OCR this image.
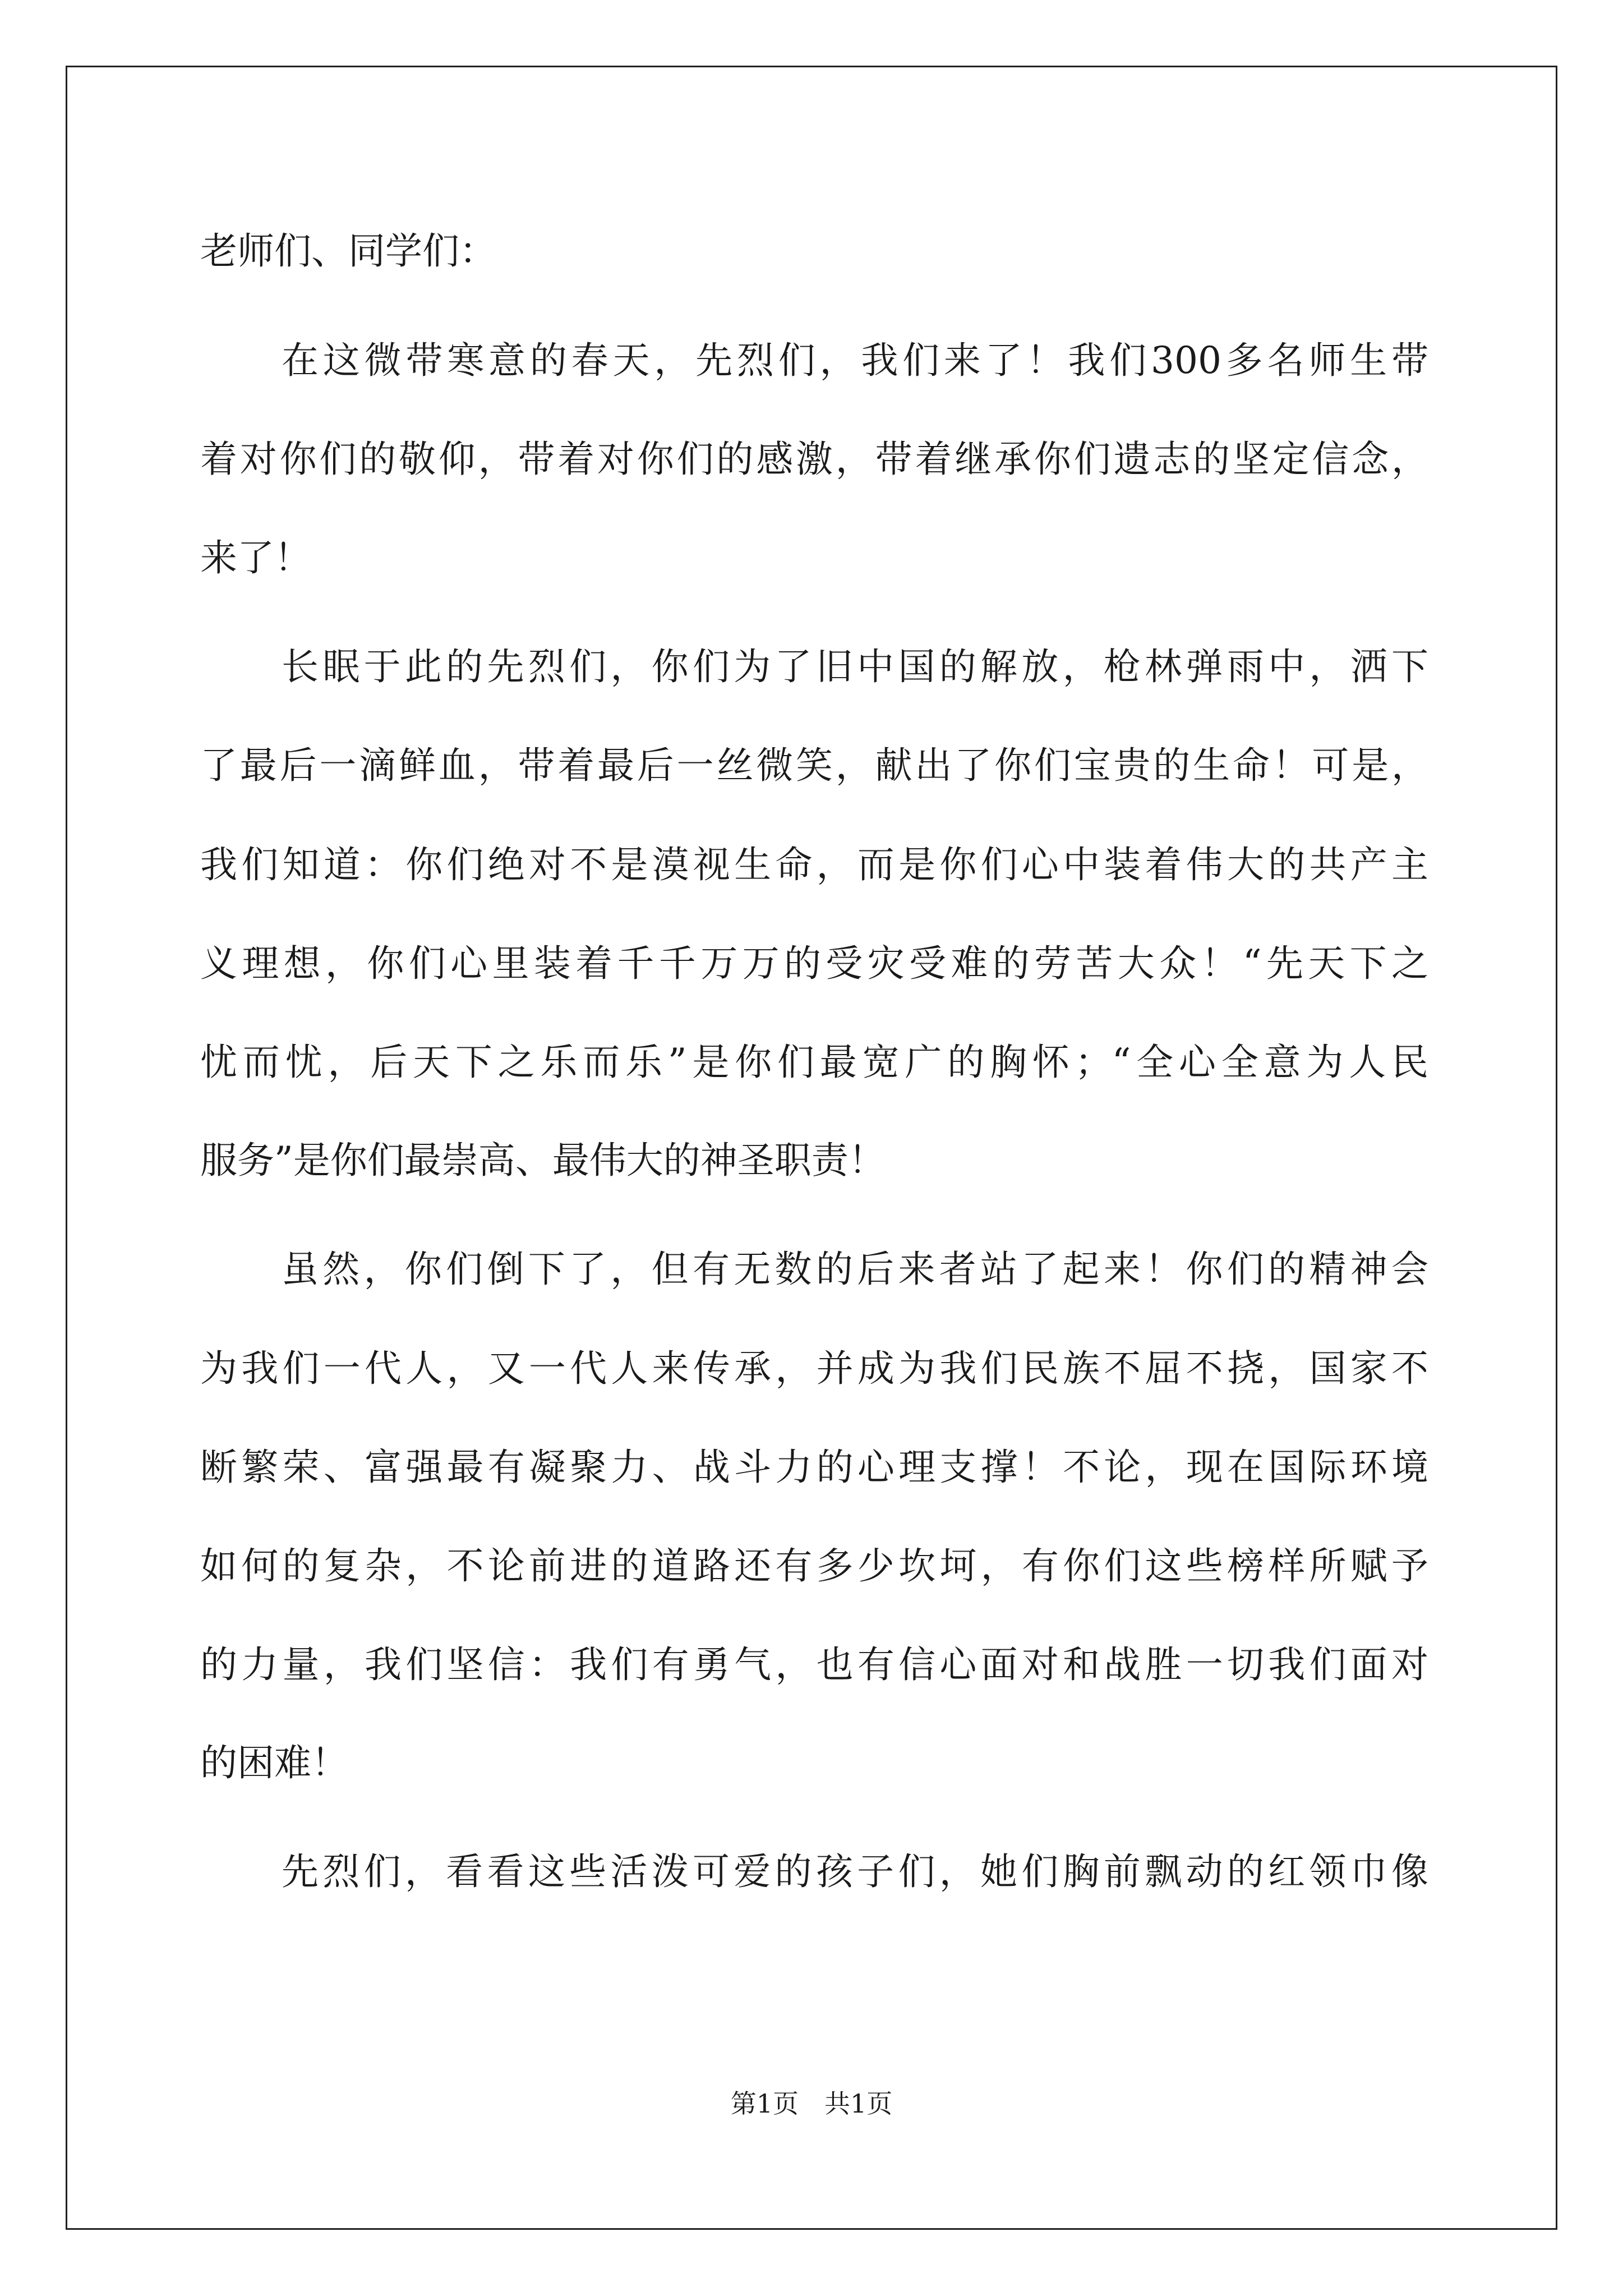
老师们、同学们：
在这微带寒意的春天，先烈们，我们来了！我们300多名师生带
着对你们的敬仰，带着对你们的感激，带着继承你们遗志的坚定信念，
来了！
长眠于此的先烈们，你们为了旧中国的解放，枪林弹雨中，洒下
了最后一滴鲜血，带着最后一丝微笑，献出了你们宝贵的生命！可是，
我们知道：你们绝对不是漠视生命，而是你们心中装着伟大的共产主
义理想，你们心里装着千千万万的受灾受难的劳苦大众！“先天下之
忧而忧，后天下之乐而乐”是你们最宽广的胸怀；“全心全意为人民
服务”是你们最崇高、最伟大的神圣职责！
虽然，你们倒下了，但有无数的后来者站了起来！你们的精神会
为我们一代人，又一代人来传承，并成为我们民族不屈不挠，国家不
断繁荣、富强最有凝聚力、战斗力的心理支撑！不论，现在国际环境
如何的复杂，不论前进的道路还有多少坎坷，有你们这些榜样所赋予
的力量，我们坚信：我们有勇气，也有信心面对和战胜一切我们面对
的困难！
先烈们，看看这些活泼可爱的孩子们，她们胸前飘动的红领巾像
第1页　共1页
